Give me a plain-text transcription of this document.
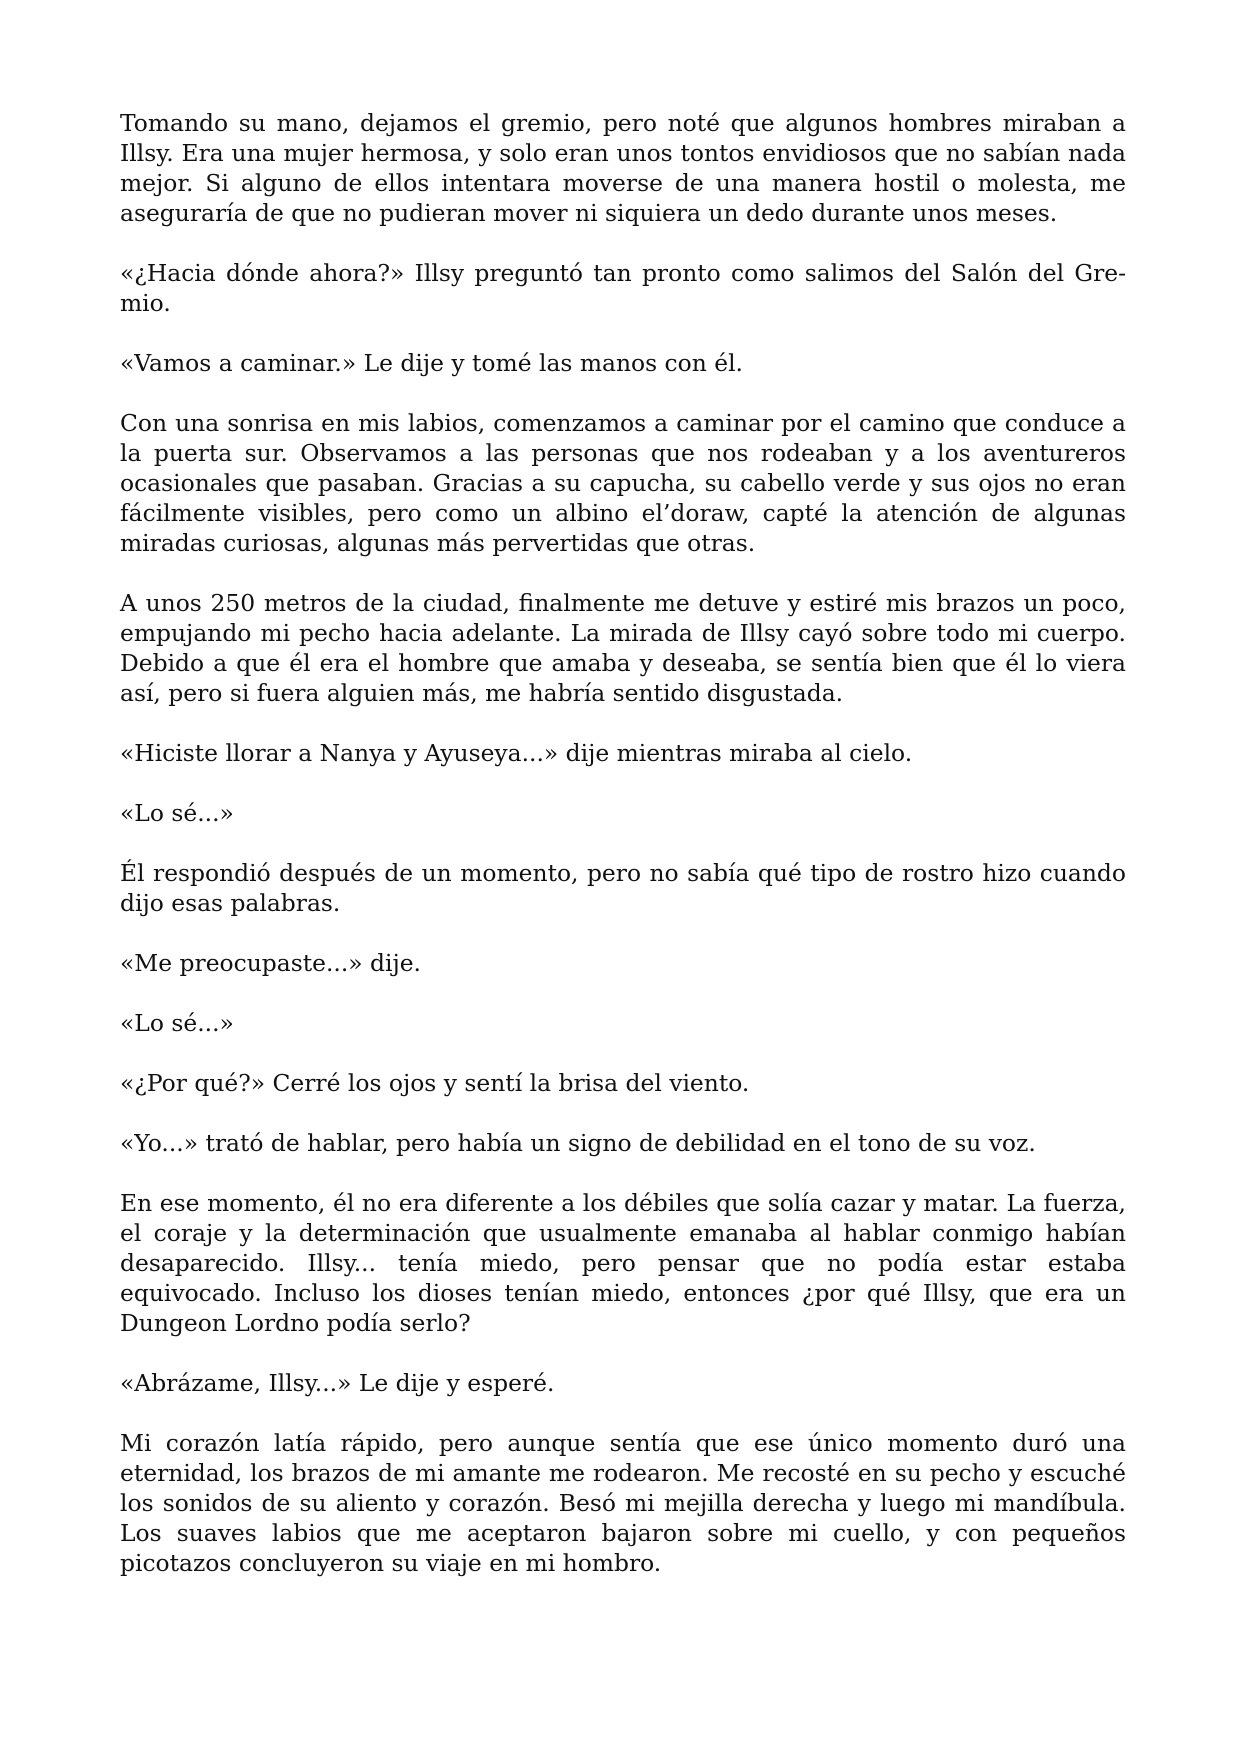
Tomando su mano, dejamos el gremio, pero noté que algunos hombres miraban a Illsy. Era una mujer hermosa, y solo eran unos tontos envidiosos que no sabían nada mejor. Si alguno de ellos intentara moverse de una manera hostil o molesta, me aseguraría de que no pudieran mover ni siquiera un dedo durante unos meses.

«¿Hacia dónde ahora?» Illsy preguntó tan pronto como salimos del Salón del Gremio.

«Vamos a caminar.» Le dije y tomé las manos con él.

Con una sonrisa en mis labios, comenzamos a caminar por el camino que conduce a la puerta sur. Observamos a las personas que nos rodeaban y a los aventureros ocasionales que pasaban. Gracias a su capucha, su cabello verde y sus ojos no eran fácilmente visibles, pero como un albino el’doraw, capté la atención de algunas miradas curiosas, algunas más pervertidas que otras.

A unos 250 metros de la ciudad, finalmente me detuve y estiré mis brazos un poco, empujando mi pecho hacia adelante. La mirada de Illsy cayó sobre todo mi cuerpo. Debido a que él era el hombre que amaba y deseaba, se sentía bien que él lo viera así, pero si fuera alguien más, me habría sentido disgustada.

«Hiciste llorar a Nanya y Ayuseya...» dije mientras miraba al cielo.

«Lo sé...»

Él respondió después de un momento, pero no sabía qué tipo de rostro hizo cuando dijo esas palabras.

«Me preocupaste...» dije.

«Lo sé...»

«¿Por qué?» Cerré los ojos y sentí la brisa del viento.

«Yo...» trató de hablar, pero había un signo de debilidad en el tono de su voz.

En ese momento, él no era diferente a los débiles que solía cazar y matar. La fuerza, el coraje y la determinación que usualmente emanaba al hablar conmigo habían desaparecido. Illsy... tenía miedo, pero pensar que no podía estar estaba equivocado. Incluso los dioses tenían miedo, entonces ¿por qué Illsy, que era un Dungeon Lordno podía serlo?

«Abrázame, Illsy...» Le dije y esperé.

Mi corazón latía rápido, pero aunque sentía que ese único momento duró una eternidad, los brazos de mi amante me rodearon. Me recosté en su pecho y escuché los sonidos de su aliento y corazón. Besó mi mejilla derecha y luego mi mandíbula. Los suaves labios que me aceptaron bajaron sobre mi cuello, y con pequeños picotazos concluyeron su viaje en mi hombro.
